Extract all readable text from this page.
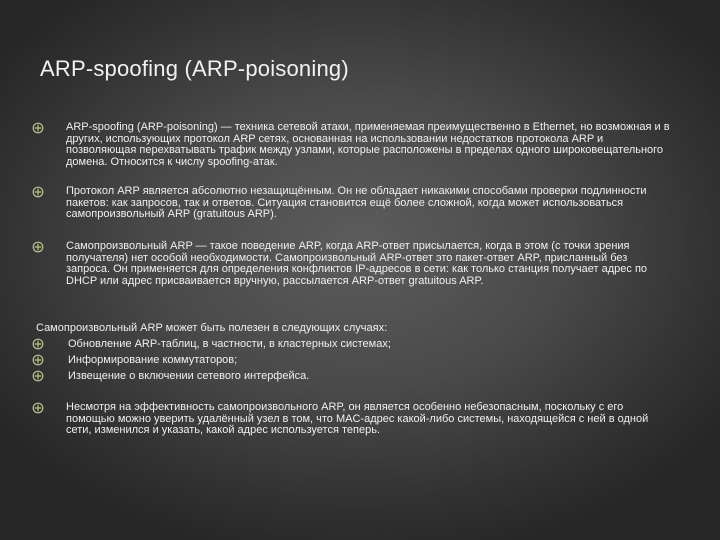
ARP-spoofing (ARP-poisoning)
ARP-spoofing (ARP-poisoning) — техника сетевой атаки, применяемая преимущественно в Ethernet, но возможная и в других, использующих протокол ARP сетях, основанная на использовании недостатков протокола ARP и позволяющая перехватывать трафик между узлами, которые расположены в пределах одного широковещательного домена. Относится к числу spoofing-атак.
Протокол ARP является абсолютно незащищённым. Он не обладает никакими способами проверки подлинности пакетов: как запросов, так и ответов. Ситуация становится ещё более сложной, когда может использоваться самопроизвольный ARP (gratuitous ARP).
Самопроизвольный ARP — такое поведение ARP, когда ARP-ответ присылается, когда в этом (с точки зрения получателя) нет особой необходимости. Самопроизвольный ARP-ответ это пакет-ответ ARP, присланный без запроса. Он применяется для определения конфликтов IP-адресов в сети: как только станция получает адрес по DHCP или адрес присваивается вручную, рассылается ARP-ответ gratuitous ARP.
Самопроизвольный ARP может быть полезен в следующих случаях:
Обновление ARP-таблиц, в частности, в кластерных системах;
Информирование коммутаторов;
Извещение о включении сетевого интерфейса.
Несмотря на эффективность самопроизвольного ARP, он является особенно небезопасным, поскольку с его помощью можно уверить удалённый узел в том, что MAC-адрес какой-либо системы, находящейся с ней в одной сети, изменился и указать, какой адрес используется теперь.
